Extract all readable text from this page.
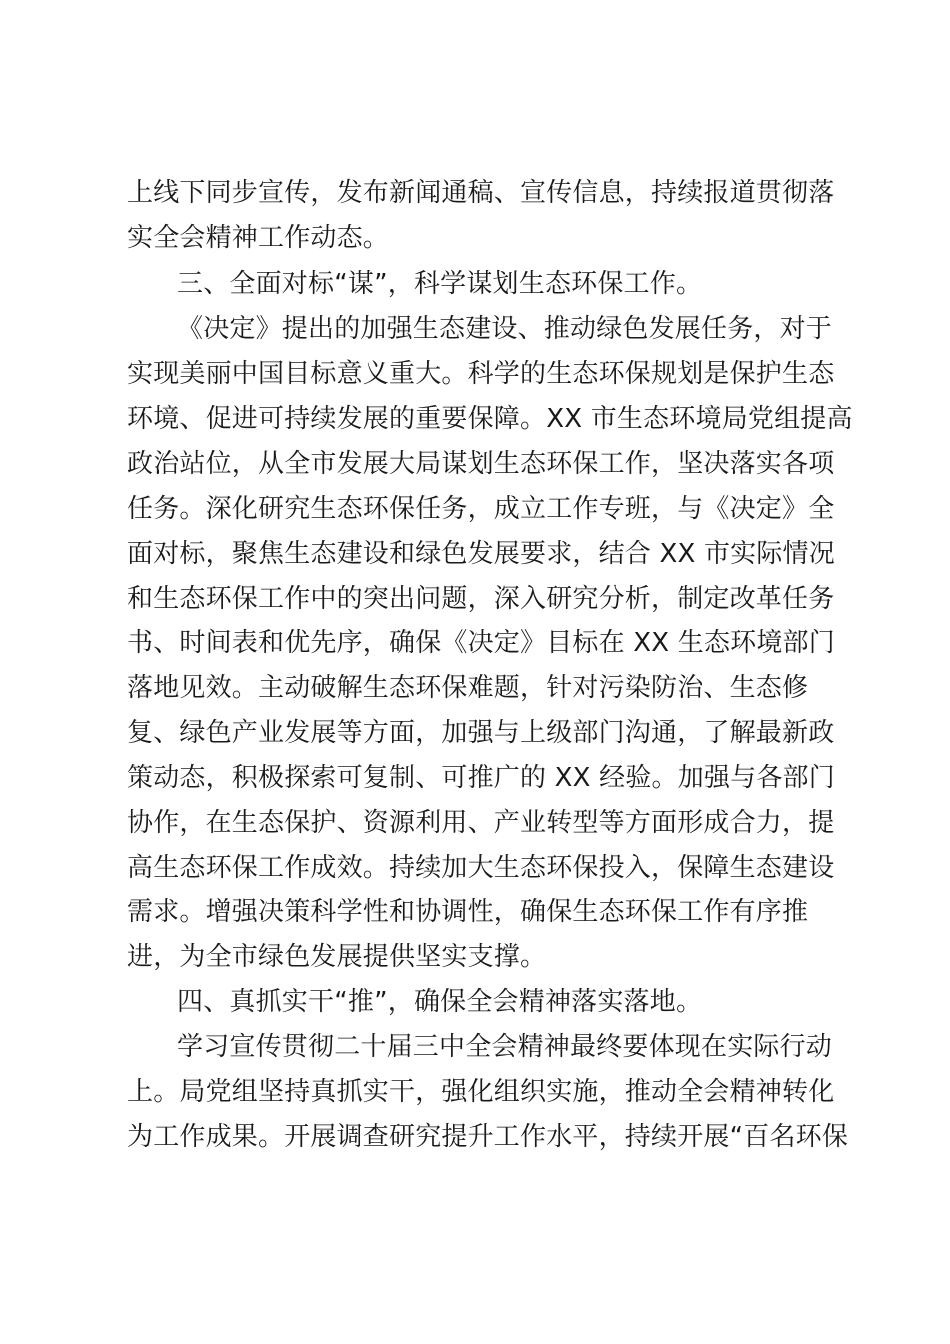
上线下同步宣传，发布新闻通稿、宣传信息，持续报道贯彻落
实全会精神工作动态。
三、全面对标“谋”，科学谋划生态环保工作。
《决定》提出的加强生态建设、推动绿色发展任务，对于
实现美丽中国目标意义重大。科学的生态环保规划是保护生态
环境、促进可持续发展的重要保障。XX 市生态环境局党组提高
政治站位，从全市发展大局谋划生态环保工作，坚决落实各项
任务。深化研究生态环保任务，成立工作专班，与《决定》全
面对标，聚焦生态建设和绿色发展要求，结合 XX 市实际情况
和生态环保工作中的突出问题，深入研究分析，制定改革任务
书、时间表和优先序，确保《决定》目标在 XX 生态环境部门
落地见效。主动破解生态环保难题，针对污染防治、生态修
复、绿色产业发展等方面，加强与上级部门沟通，了解最新政
策动态，积极探索可复制、可推广的 XX 经验。加强与各部门
协作，在生态保护、资源利用、产业转型等方面形成合力，提
高生态环保工作成效。持续加大生态环保投入，保障生态建设
需求。增强决策科学性和协调性，确保生态环保工作有序推
进，为全市绿色发展提供坚实支撑。
四、真抓实干“推”，确保全会精神落实落地。
学习宣传贯彻二十届三中全会精神最终要体现在实际行动
上。局党组坚持真抓实干，强化组织实施，推动全会精神转化
为工作成果。开展调查研究提升工作水平，持续开展“百名环保
